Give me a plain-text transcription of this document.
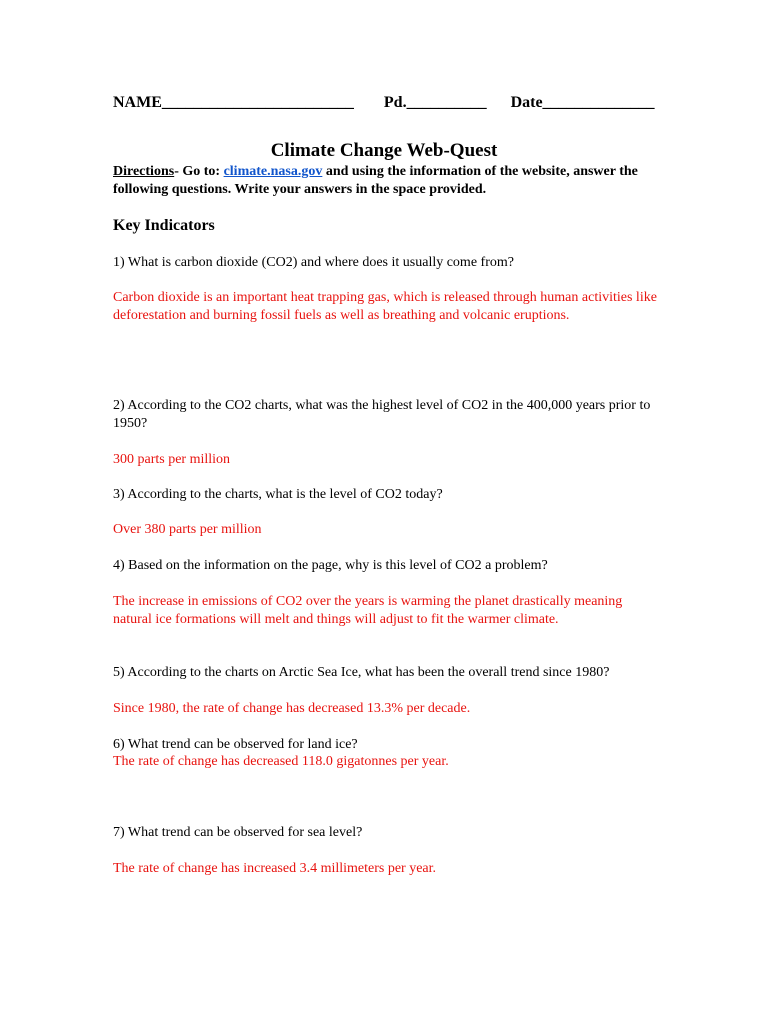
NAME________________________ Pd.__________ Date______________
Climate Change Web-Quest
Directions- Go to: climate.nasa.gov and using the information of the website, answer the following questions. Write your answers in the space provided.
Key Indicators
1) What is carbon dioxide (CO2) and where does it usually come from?
Carbon dioxide is an important heat trapping gas, which is released through human activities like deforestation and burning fossil fuels as well as breathing and volcanic eruptions.
2) According to the CO2 charts, what was the highest level of CO2 in the 400,000 years prior to 1950?
300 parts per million
3) According to the charts, what is the level of CO2 today?
Over 380 parts per million
4) Based on the information on the page, why is this level of CO2 a problem?
The increase in emissions of CO2 over the years is warming the planet drastically meaning natural ice formations will melt and things will adjust to fit the warmer climate.
5) According to the charts on Arctic Sea Ice, what has been the overall trend since 1980?
Since 1980, the rate of change has decreased 13.3% per decade.
6) What trend can be observed for land ice?
The rate of change has decreased 118.0 gigatonnes per year.
7) What trend can be observed for sea level?
The rate of change has increased 3.4 millimeters per year.
